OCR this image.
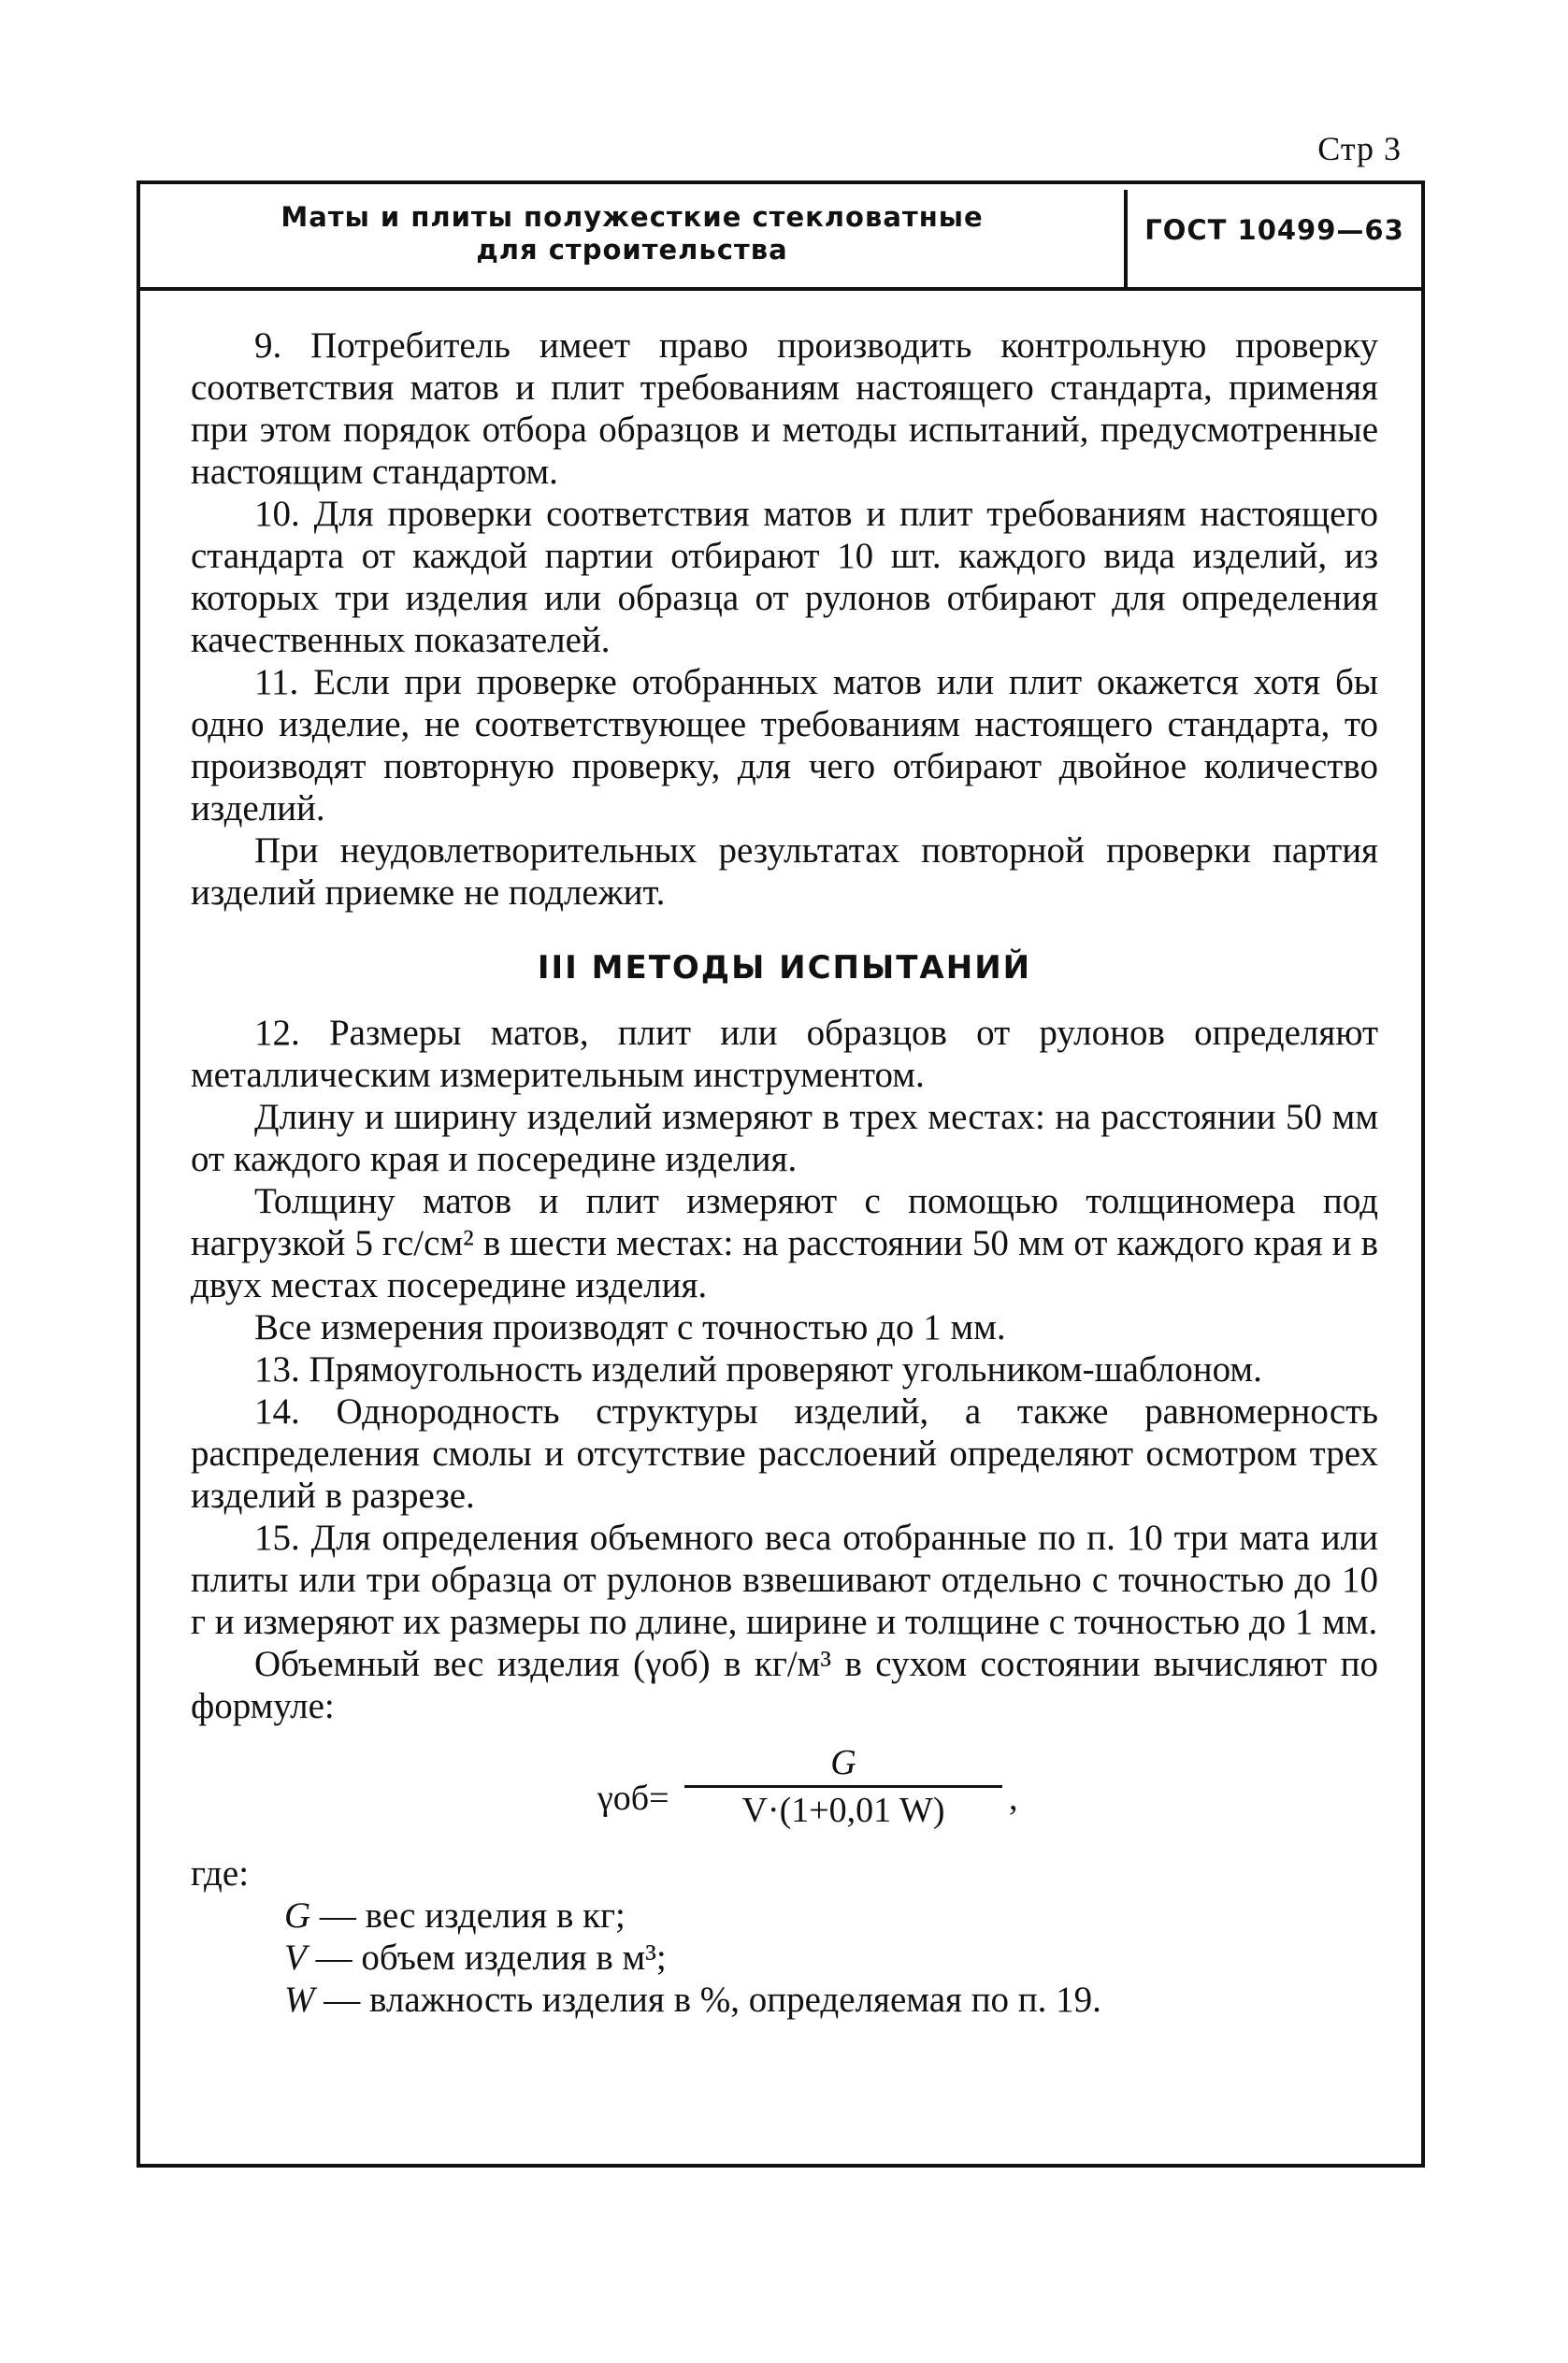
Стр 3
Маты и плиты полужесткие стекловатные
для строительства
ГОСТ 10499—63

9. Потребитель имеет право производить контрольную проверку соответствия матов и плит требованиям настоящего стандарта, применяя при этом порядок отбора образцов и методы испытаний, предусмотренные настоящим стандартом.

10. Для проверки соответствия матов и плит требованиям настоящего стандарта от каждой партии отбирают 10 шт. каждого вида изделий, из которых три изделия или образца от рулонов отбирают для определения качественных показателей.

11. Если при проверке отобранных матов или плит окажется хотя бы одно изделие, не соответствующее требованиям настоящего стандарта, то производят повторную проверку, для чего отбирают двойное количество изделий.

При неудовлетворительных результатах повторной проверки партия изделий приемке не подлежит.

III МЕТОДЫ ИСПЫТАНИЙ

12. Размеры матов, плит или образцов от рулонов определяют металлическим измерительным инструментом.

Длину и ширину изделий измеряют в трех местах: на расстоянии 50 мм от каждого края и посередине изделия.

Толщину матов и плит измеряют с помощью толщиномера под нагрузкой 5 гс/см² в шести местах: на расстоянии 50 мм от каждого края и в двух местах посередине изделия.

Все измерения производят с точностью до 1 мм.

13. Прямоугольность изделий проверяют угольником-шаблоном.

14. Однородность структуры изделий, а также равномерность распределения смолы и отсутствие расслоений определяют осмотром трех изделий в разрезе.

15. Для определения объемного веса отобранные по п. 10 три мата или плиты или три образца от рулонов взвешивают отдельно с точностью до 10 г и измеряют их размеры по длине, ширине и толщине с точностью до 1 мм.

Объемный вес изделия (γоб) в кг/м³ в сухом состоянии вычисляют по формуле:

γоб=
G
V·(1+0,01 W)	,

где:

G — вес изделия в кг;

V — объем изделия в м³;

W — влажность изделия в %, определяемая по п. 19.
